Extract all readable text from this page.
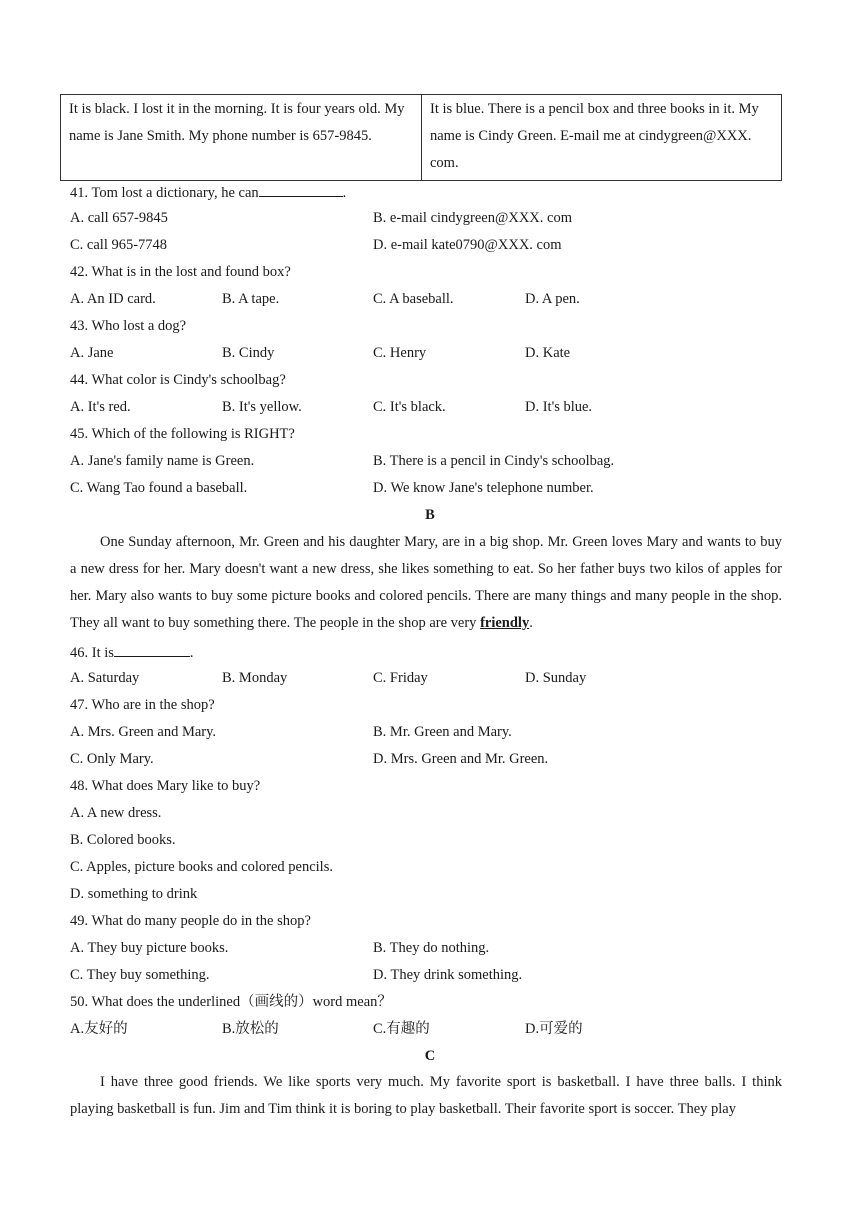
It is black. I lost it in the morning. It is four years old. My name is Jane Smith. My phone number is 657-9845.	It is blue. There is a pencil box and three books in it. My name is Cindy Green. E-mail me at cindygreen@XXX. com.
41. Tom lost a dictionary, he can	.
A. call 657-9845	B. e-mail cindygreen@XXX. com
C. call 965-7748	D. e-mail kate0790@XXX. com
42. What is in the lost and found box?
A. An ID card.	B. A tape.	C. A baseball.	D. A pen.
43. Who lost a dog?
A. Jane	B. Cindy	C. Henry	D. Kate
44. What color is Cindy's schoolbag?
A. It's red.	B. It's yellow.	C. It's black.	D. It's blue.
45. Which of the following is RIGHT?
A. Jane's family name is Green.	B. There is a pencil in Cindy's schoolbag.
C. Wang Tao found a baseball.	D. We know Jane's telephone number.
B

One Sunday afternoon, Mr. Green and his daughter Mary, are in a big shop. Mr. Green loves Mary and wants to buy a new dress for her. Mary doesn't want a new dress, she likes something to eat. So her father buys two kilos of apples for her. Mary also wants to buy some picture books and colored pencils. There are many things and many people in the shop. They all want to buy something there. The people in the shop are very friendly.

46. It is	.
A. Saturday	B. Monday	C. Friday	D. Sunday
47. Who are in the shop?
A. Mrs. Green and Mary.	B. Mr. Green and Mary.
C. Only Mary.	D. Mrs. Green and Mr. Green.
48. What does Mary like to buy?
A. A new dress.
B. Colored books.
C. Apples, picture books and colored pencils.
D. something to drink
49. What do many people do in the shop?
A. They buy picture books.	B. They do nothing.
C. They buy something.	D. They drink something.
50. What does the underlined（画线的）word mean？
A.友好的	B.放松的	C.有趣的	D.可爱的
C

I have three good friends. We like sports very much. My favorite sport is basketball. I have three balls. I think playing basketball is fun. Jim and Tim think it is boring to play basketball. Their favorite sport is soccer. They play
